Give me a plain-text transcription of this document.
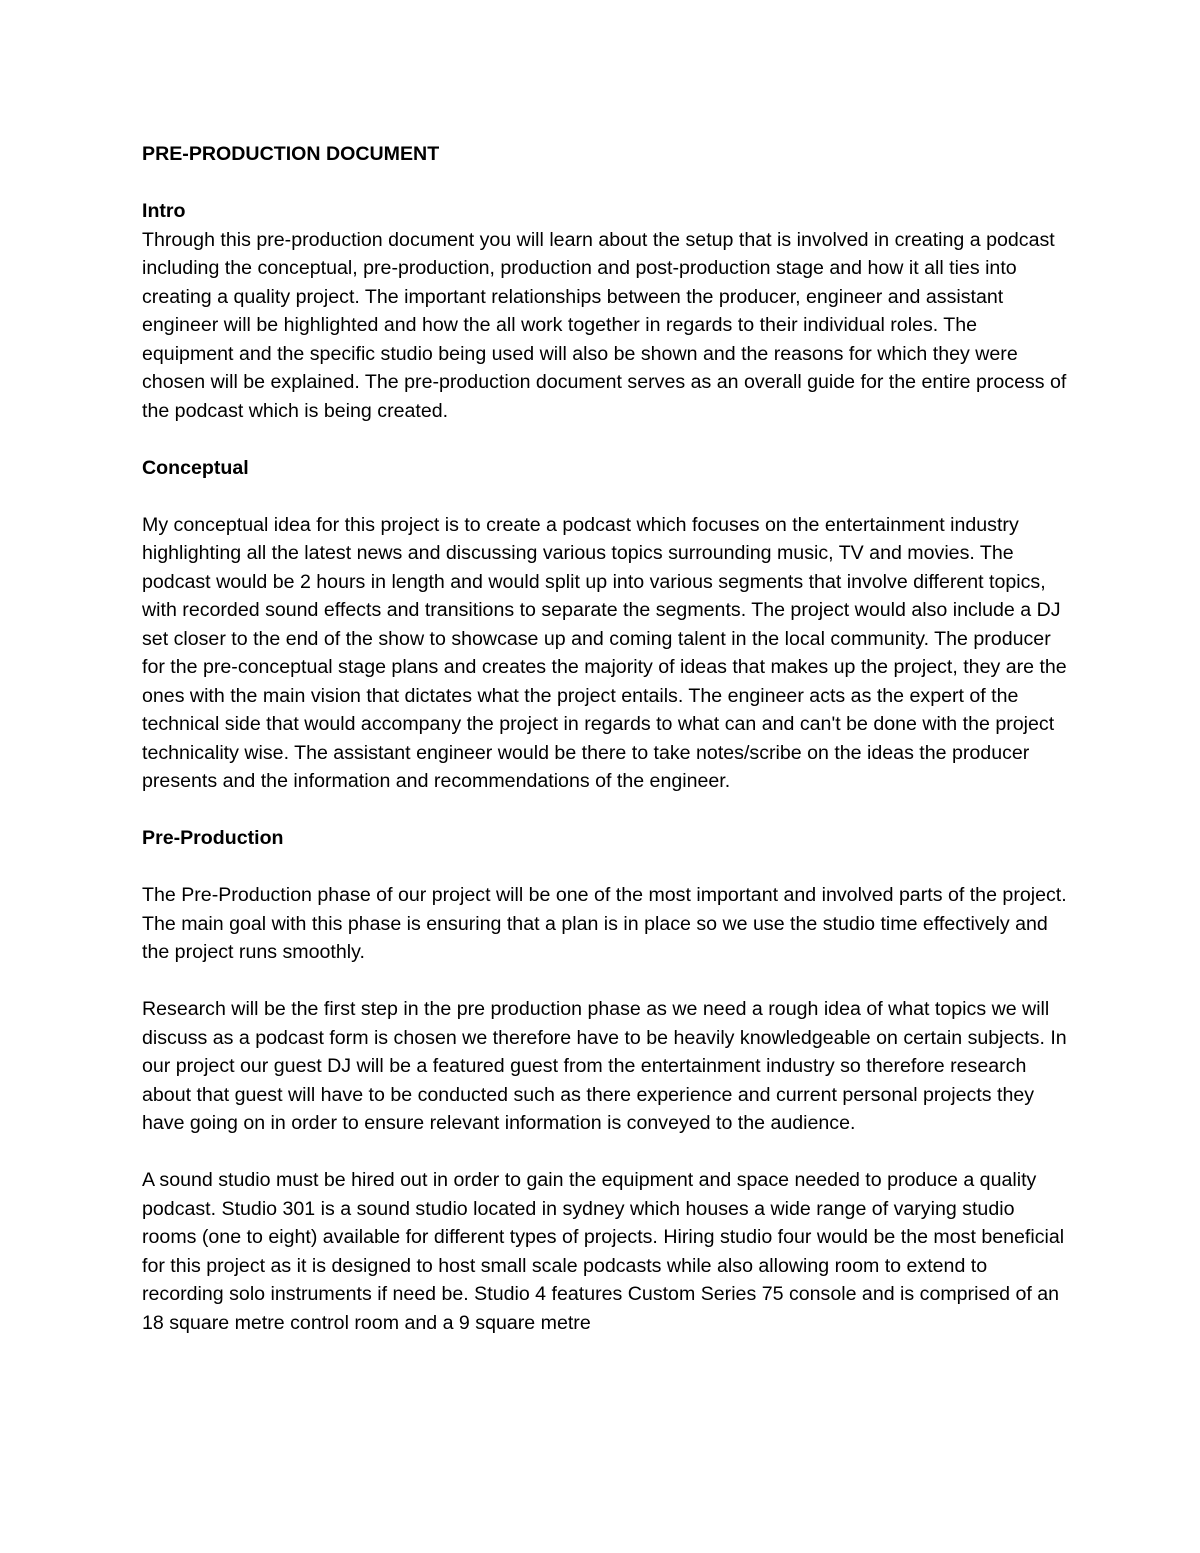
PRE-PRODUCTION DOCUMENT
Intro

Through this pre-production document you will learn about the setup that is involved in creating a podcast including the conceptual, pre-production, production and post-production stage and how it all ties into creating a quality project. The important relationships between the producer, engineer and assistant engineer will be highlighted and how the all work together in regards to their individual roles. The equipment and the specific studio being used will also be shown and the reasons for which they were chosen will be explained. The pre-production document serves as an overall guide for the entire process of the podcast which is being created.

Conceptual

My conceptual idea for this project is to create a podcast which focuses on the entertainment industry highlighting all the latest news and discussing various topics surrounding music, TV and movies. The podcast would be 2 hours in length and would split up into various segments that involve different topics, with recorded sound effects and transitions to separate the segments. The project would also include a DJ set closer to the end of the show to showcase up and coming talent in the local community. The producer for the pre-conceptual stage plans and creates the majority of ideas that makes up the project, they are the ones with the main vision that dictates what the project entails. The engineer acts as the expert of the technical side that would accompany the project in regards to what can and can't be done with the project technicality wise. The assistant engineer would be there to take notes/scribe on the ideas the producer presents and the information and recommendations of the engineer.

Pre-Production

The Pre-Production phase of our project will be one of the most important and involved parts of the project. The main goal with this phase is ensuring that a plan is in place so we use the studio time effectively and the project runs smoothly.

Research will be the first step in the pre production phase as we need a rough idea of what topics we will discuss as a podcast form is chosen we therefore have to be heavily knowledgeable on certain subjects. In our project our guest DJ will be a featured guest from the entertainment industry so therefore research about that guest will have to be conducted such as there experience and current personal projects they have going on in order to ensure relevant information is conveyed to the audience.

A sound studio must be hired out in order to gain the equipment and space needed to produce a quality podcast. Studio 301 is a sound studio located in sydney which houses a wide range of varying studio rooms (one to eight) available for different types of projects. Hiring studio four would be the most beneficial for this project as it is designed to host small scale podcasts while also allowing room to extend to recording solo instruments if need be. Studio 4 features Custom Series 75 console and is comprised of an 18 square metre control room and a 9 square metre
